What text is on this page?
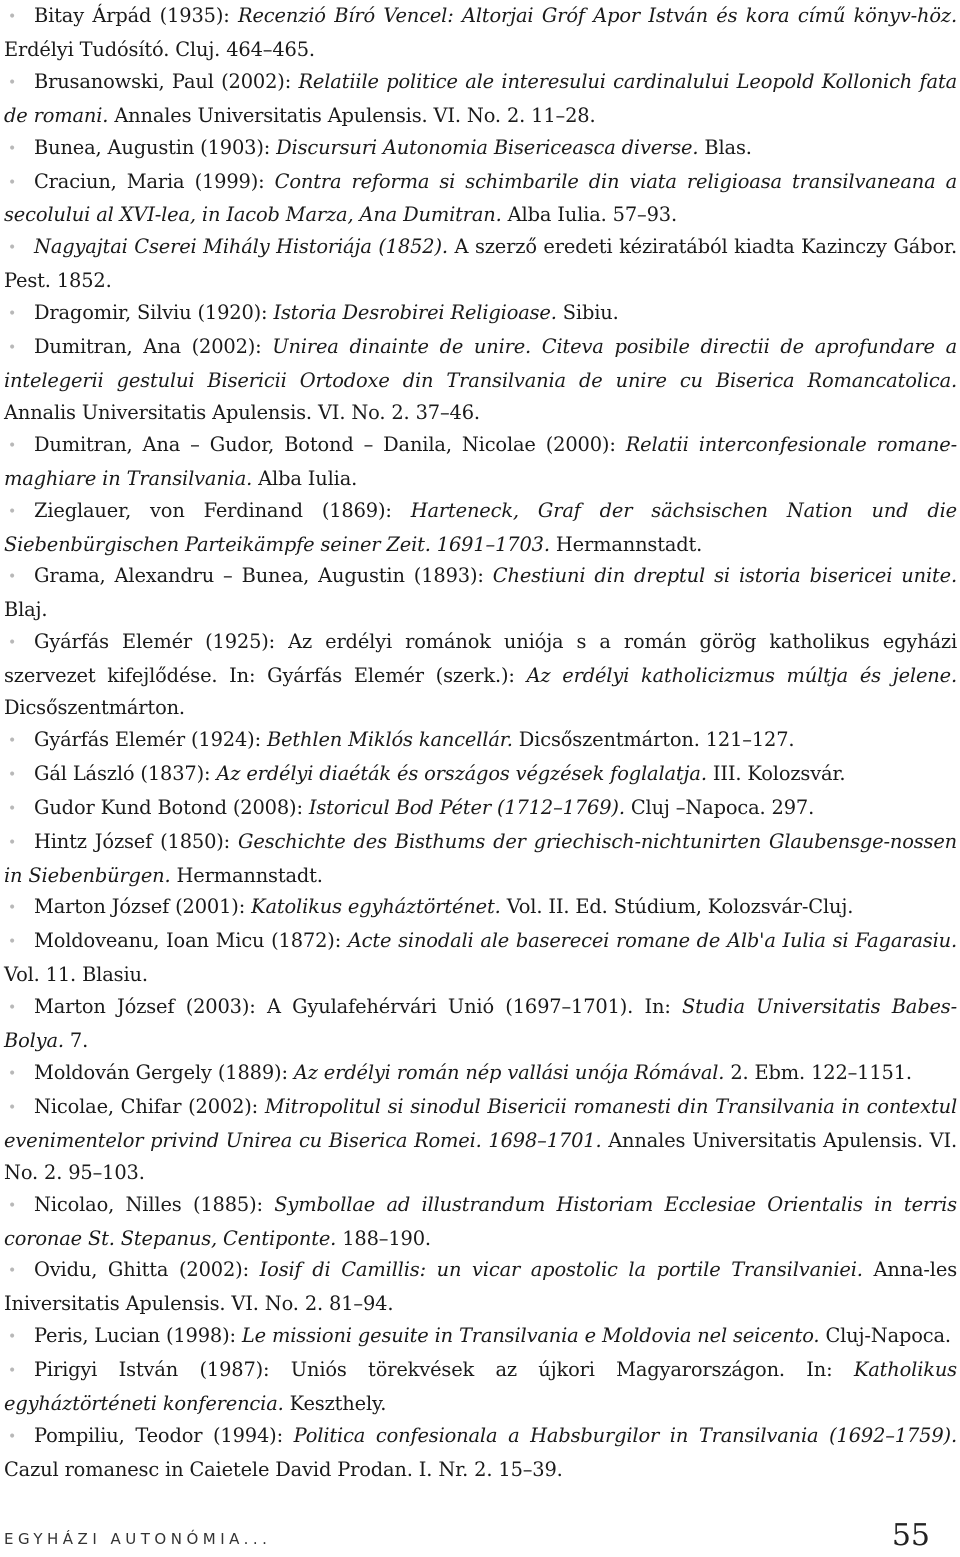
• Bitay Árpád (1935): Recenzió Bíró Vencel: Altorjai Gróf Apor István és kora című könyv-höz. Erdélyi Tudósító. Cluj. 464–465.

• Brusanowski, Paul (2002): Relatiile politice ale interesului cardinalului Leopold Kollonich fata de romani. Annales Universitatis Apulensis. VI. No. 2. 11–28.

• Bunea, Augustin (1903): Discursuri Autonomia Bisericeasca diverse. Blas.

• Craciun, Maria (1999): Contra reforma si schimbarile din viata religioasa transilvaneana a secolului al XVI-lea, in Iacob Marza, Ana Dumitran. Alba Iulia. 57–93.

• Nagyajtai Cserei Mihály Historiája (1852). A szerző eredeti kéziratából kiadta Kazinczy Gábor. Pest. 1852.

• Dragomir, Silviu (1920): Istoria Desrobirei Religioase. Sibiu.

• Dumitran, Ana (2002): Unirea dinainte de unire. Citeva posibile directii de aprofundare a intelegerii gestului Bisericii Ortodoxe din Transilvania de unire cu Biserica Romancatolica. Annalis Universitatis Apulensis. VI. No. 2. 37–46.

• Dumitran, Ana – Gudor, Botond – Danila, Nicolae (2000): Relatii interconfesionale romane-maghiare in Transilvania. Alba Iulia.

• Zieglauer, von Ferdinand (1869): Harteneck, Graf der sächsischen Nation und die Siebenbürgischen Parteikämpfe seiner Zeit. 1691–1703. Hermannstadt.

• Grama, Alexandru – Bunea, Augustin (1893): Chestiuni din dreptul si istoria bisericei unite. Blaj.

• Gyárfás Elemér (1925): Az erdélyi románok uniója s a román görög katholikus egyházi szervezet kifejlődése. In: Gyárfás Elemér (szerk.): Az erdélyi katholicizmus múltja és jelene. Dicsőszentmárton.

• Gyárfás Elemér (1924): Bethlen Miklós kancellár. Dicsőszentmárton. 121–127.

• Gál László (1837): Az erdélyi diaéták és országos végzések foglalatja. III. Kolozsvár.

• Gudor Kund Botond (2008): Istoricul Bod Péter (1712–1769). Cluj –Napoca. 297.

• Hintz József (1850): Geschichte des Bisthums der griechisch-nichtunirten Glaubensge-nossen in Siebenbürgen. Hermannstadt.

• Marton József (2001): Katolikus egyháztörténet. Vol. II. Ed. Stúdium, Kolozsvár-Cluj.

• Moldoveanu, Ioan Micu (1872): Acte sinodali ale baserecei romane de Alb'a Iulia si Fagarasiu. Vol. 11. Blasiu.

• Marton József (2003): A Gyulafehérvári Unió (1697–1701). In: Studia Universitatis Babes-Bolya. 7.

• Moldován Gergely (1889): Az erdélyi román nép vallási unója Rómával. 2. Ebm. 122–1151.

• Nicolae, Chifar (2002): Mitropolitul si sinodul Bisericii romanesti din Transilvania in contextul evenimentelor privind Unirea cu Biserica Romei. 1698–1701. Annales Universitatis Apulensis. VI. No. 2. 95–103.

• Nicolao, Nilles (1885): Symbollae ad illustrandum Historiam Ecclesiae Orientalis in terris coronae St. Stepanus, Centiponte. 188–190.

• Ovidu, Ghitta (2002): Iosif di Camillis: un vicar apostolic la portile Transilvaniei. Anna-les Iniversitatis Apulensis. VI. No. 2. 81–94.

• Peris, Lucian (1998): Le missioni gesuite in Transilvania e Moldovia nel seicento. Cluj-Napoca.

• Pirigyi István (1987): Uniós törekvések az újkori Magyarországon. In: Katholikus egyháztörténeti konferencia. Keszthely.

• Pompiliu, Teodor (1994): Politica confesionala a Habsburgilor in Transilvania (1692–1759). Cazul romanesc in Caietele David Prodan. I. Nr. 2. 15–39.

EGYHÁZI AUTONÓMIA...	55
